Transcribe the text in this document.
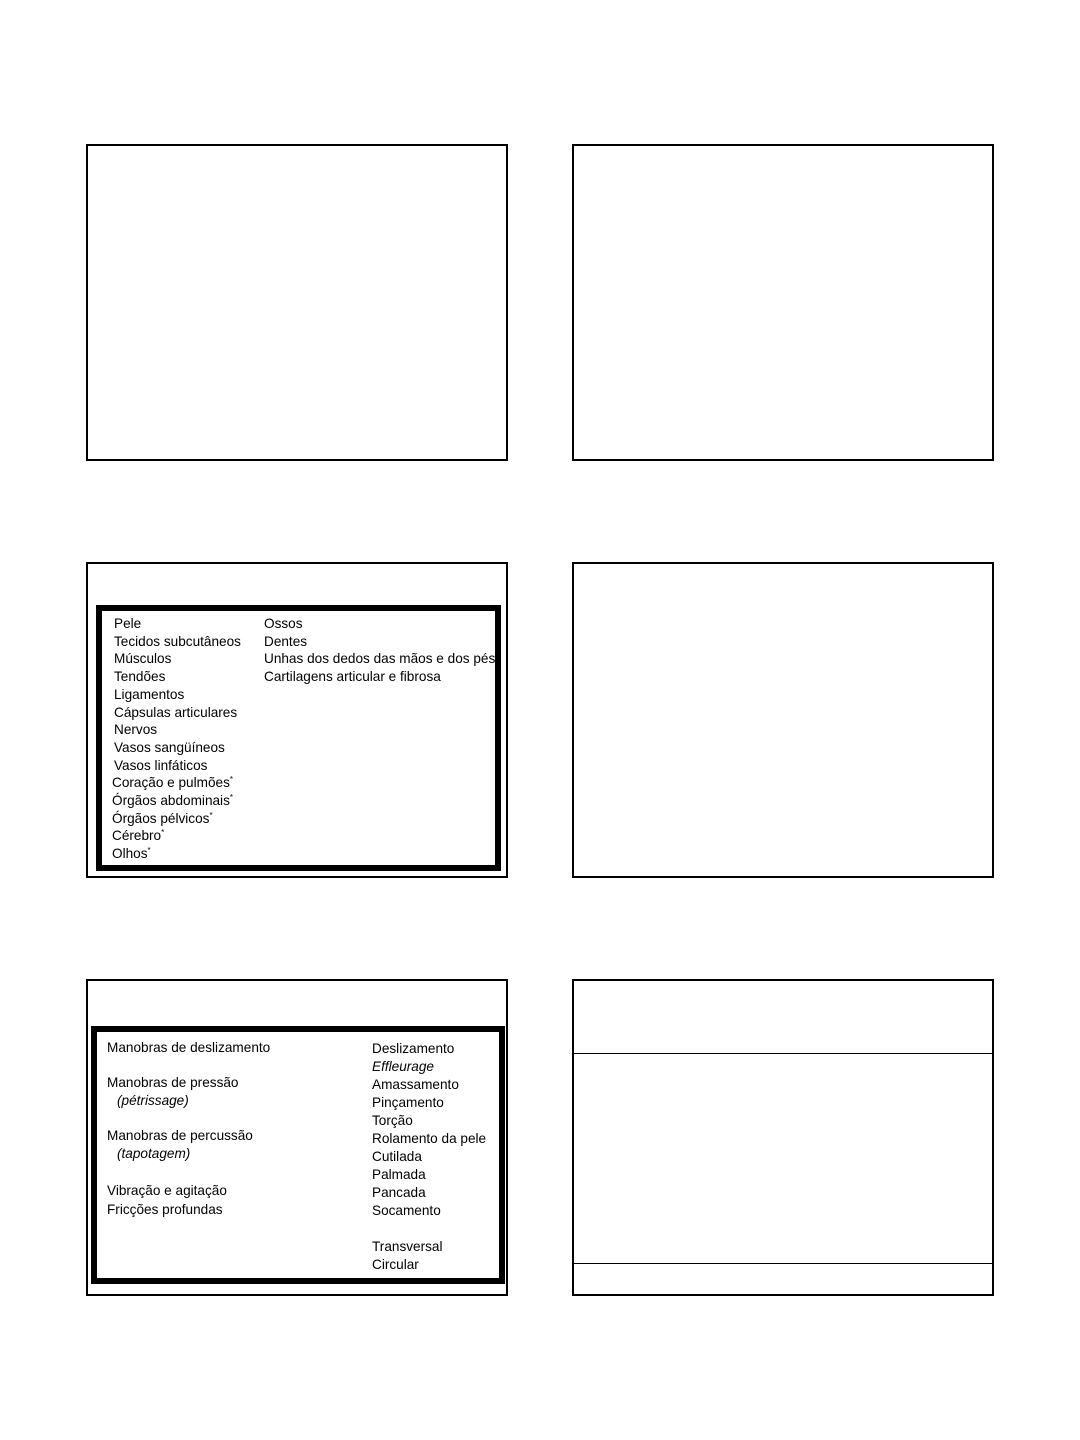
Pele
Tecidos subcutâneos
Músculos
Tendões
Ligamentos
Cápsulas articulares
Nervos
Vasos sangüíneos
Vasos linfáticos
Coração e pulmões*
Órgãos abdominais*
Órgãos pélvicos*
Cérebro*
Olhos*
Ossos
Dentes
Unhas dos dedos das mãos e dos pés
Cartilagens articular e fibrosa
Manobras de deslizamento
Manobras de pressão
(pétrissage)
Manobras de percussão
(tapotagem)
Vibração e agitação
Fricções profundas
Deslizamento
Effleurage
Amassamento
Pinçamento
Torção
Rolamento da pele
Cutilada
Palmada
Pancada
Socamento
Transversal
Circular
